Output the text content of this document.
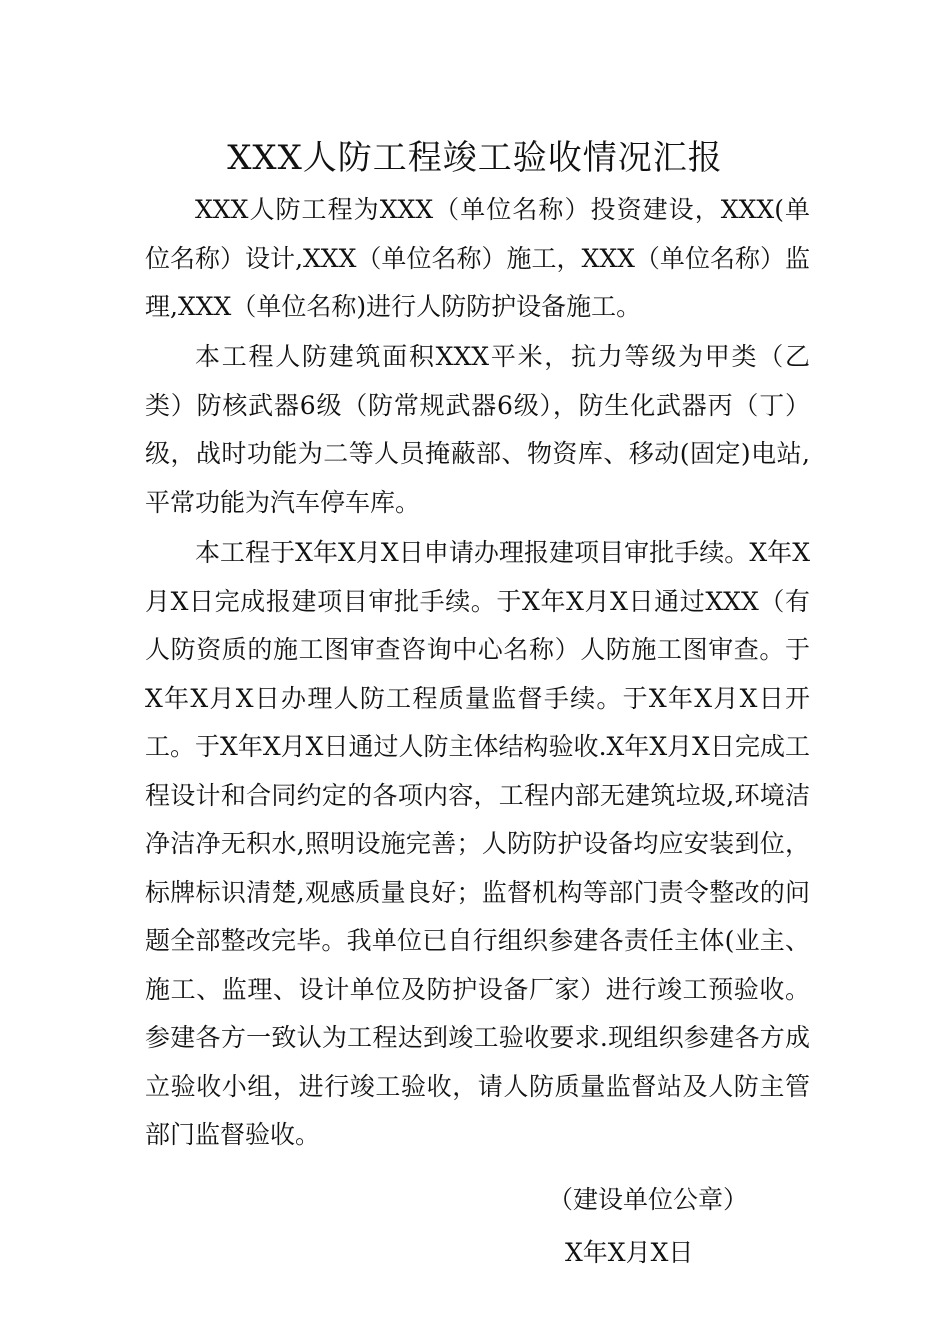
XXX人防工程竣工验收情况汇报

XXX人防工程为XXX（单位名称）投资建设，XXX(单位名称）设计,XXX（单位名称）施工，XXX（单位名称）监理,XXX（单位名称)进行人防防护设备施工。

本工程人防建筑面积XXX平米，抗力等级为甲类（乙类）防核武器6级（防常规武器6级），防生化武器丙（丁）级，战时功能为二等人员掩蔽部、物资库、移动(固定)电站,平常功能为汽车停车库。

本工程于X年X月X日申请办理报建项目审批手续。X年X月X日完成报建项目审批手续。于X年X月X日通过XXX（有人防资质的施工图审查咨询中心名称）人防施工图审查。于X年X月X日办理人防工程质量监督手续。于X年X月X日开工。于X年X月X日通过人防主体结构验收.X年X月X日完成工程设计和合同约定的各项内容，工程内部无建筑垃圾,环境洁净洁净无积水,照明设施完善；人防防护设备均应安装到位，标牌标识清楚,观感质量良好；监督机构等部门责令整改的问题全部整改完毕。我单位已自行组织参建各责任主体(业主、施工、监理、设计单位及防护设备厂家）进行竣工预验收。参建各方一致认为工程达到竣工验收要求.现组织参建各方成立验收小组，进行竣工验收，请人防质量监督站及人防主管部门监督验收。

（建设单位公章）

X年X月X日
